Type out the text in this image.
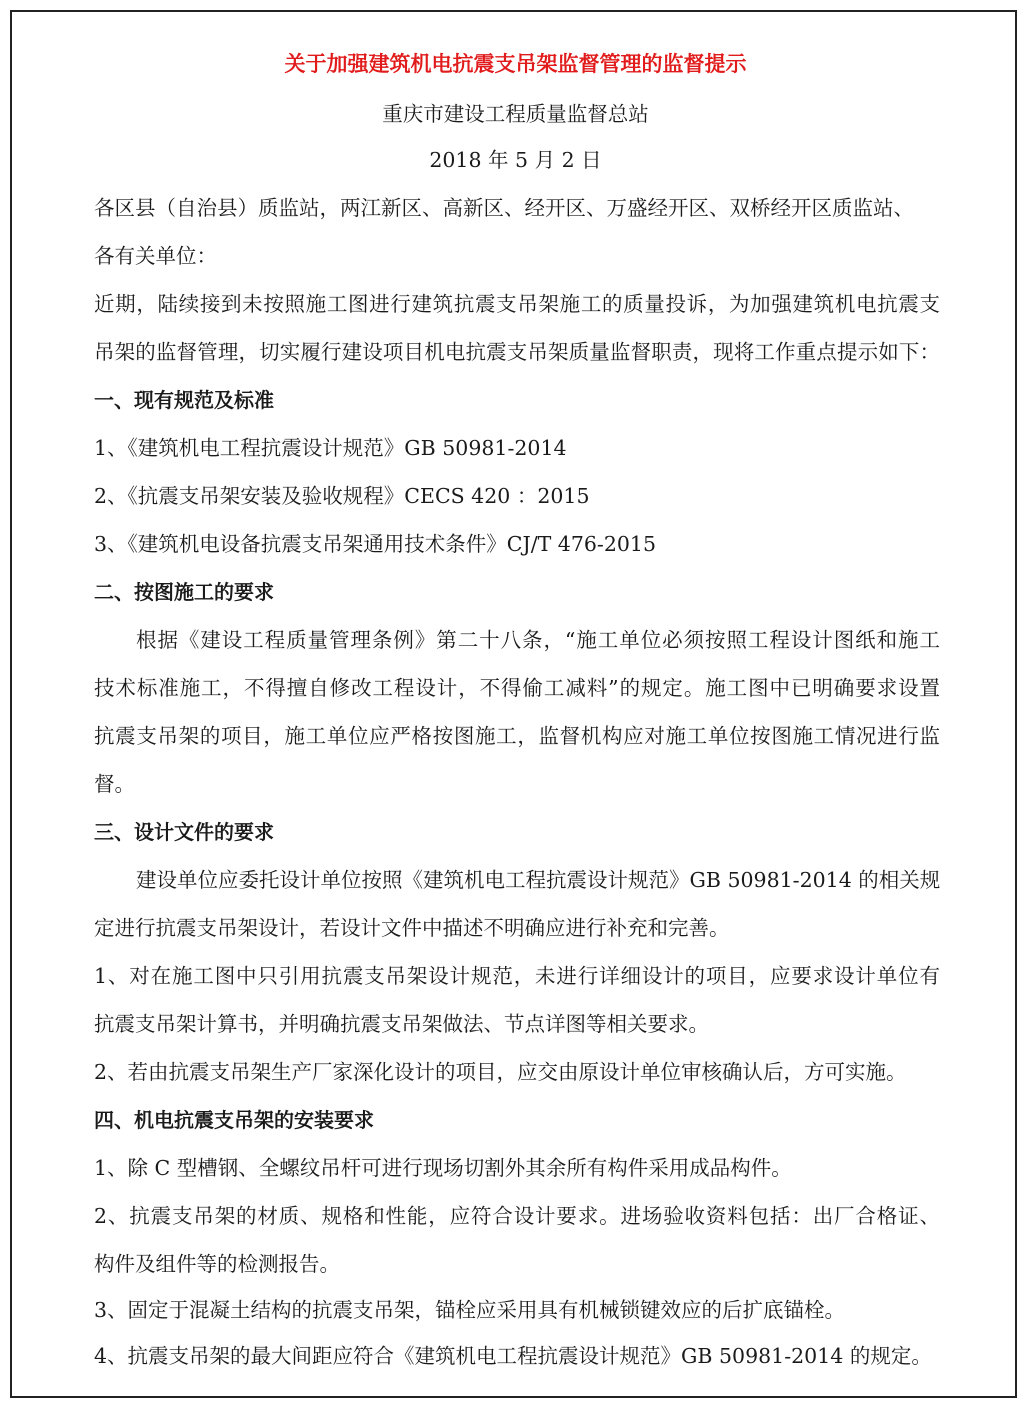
关于加强建筑机电抗震支吊架监督管理的监督提示
重庆市建设工程质量监督总站
2018 年 5 月 2 日
各区县（自治县）质监站，两江新区、高新区、经开区、万盛经开区、双桥经开区质监站、
各有关单位：
近期，陆续接到未按照施工图进行建筑抗震支吊架施工的质量投诉，为加强建筑机电抗震支
吊架的监督管理，切实履行建设项目机电抗震支吊架质量监督职责，现将工作重点提示如下：
一、现有规范及标准
1、《建筑机电工程抗震设计规范》GB 50981-2014
2、《抗震支吊架安装及验收规程》CECS 420 ：2015
3、《建筑机电设备抗震支吊架通用技术条件》CJ/T 476-2015
二、按图施工的要求
根据《建设工程质量管理条例》第二十八条，“施工单位必须按照工程设计图纸和施工
技术标准施工，不得擅自修改工程设计，不得偷工减料”的规定。施工图中已明确要求设置
抗震支吊架的项目，施工单位应严格按图施工，监督机构应对施工单位按图施工情况进行监
督。
三、设计文件的要求
建设单位应委托设计单位按照《建筑机电工程抗震设计规范》GB 50981-2014 的相关规
定进行抗震支吊架设计，若设计文件中描述不明确应进行补充和完善。
1、对在施工图中只引用抗震支吊架设计规范，未进行详细设计的项目，应要求设计单位有
抗震支吊架计算书，并明确抗震支吊架做法、节点详图等相关要求。
2、若由抗震支吊架生产厂家深化设计的项目，应交由原设计单位审核确认后，方可实施。
四、机电抗震支吊架的安装要求
1、除 C 型槽钢、全螺纹吊杆可进行现场切割外其余所有构件采用成品构件。
2、抗震支吊架的材质、规格和性能，应符合设计要求。进场验收资料包括：出厂合格证、
构件及组件等的检测报告。
3、固定于混凝土结构的抗震支吊架，锚栓应采用具有机械锁键效应的后扩底锚栓。
4、抗震支吊架的最大间距应符合《建筑机电工程抗震设计规范》GB 50981-2014 的规定。
